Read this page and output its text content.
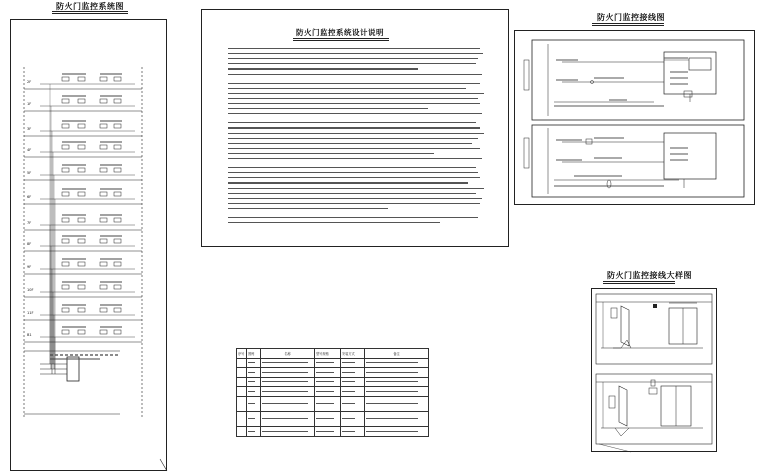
防火门监控系统图
2F
1F
3F
4F
5F
6F
7F
8F
9F
10F
11F
B1
防火门监控系统设计说明
序号	图例	名称	型号规格	安装方式	备注

防火门监控接线图
防火门监控接线大样图
